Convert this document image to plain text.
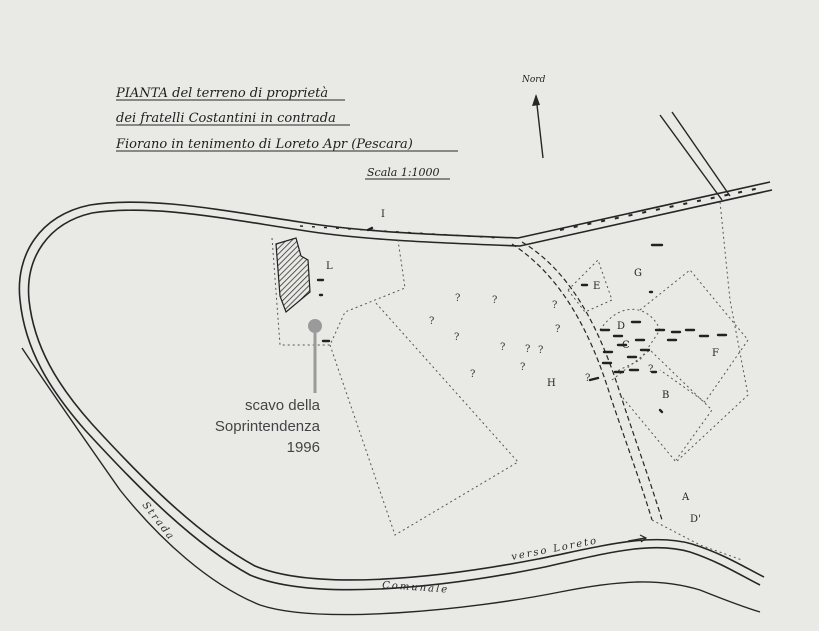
PIANTA del terreno di proprietà
dei fratelli Costantini in contrada
Fiorano in tenimento di Loreto Apr (Pescara)
Scala 1:1000
Nord
?	?	?
?
?
? ? ?
?
?
?
?
?
I
L
G
E
D
C
F
H
B
A
D'
Strada
Comunale
verso Loreto
scavo della
Soprintendenza
1996
